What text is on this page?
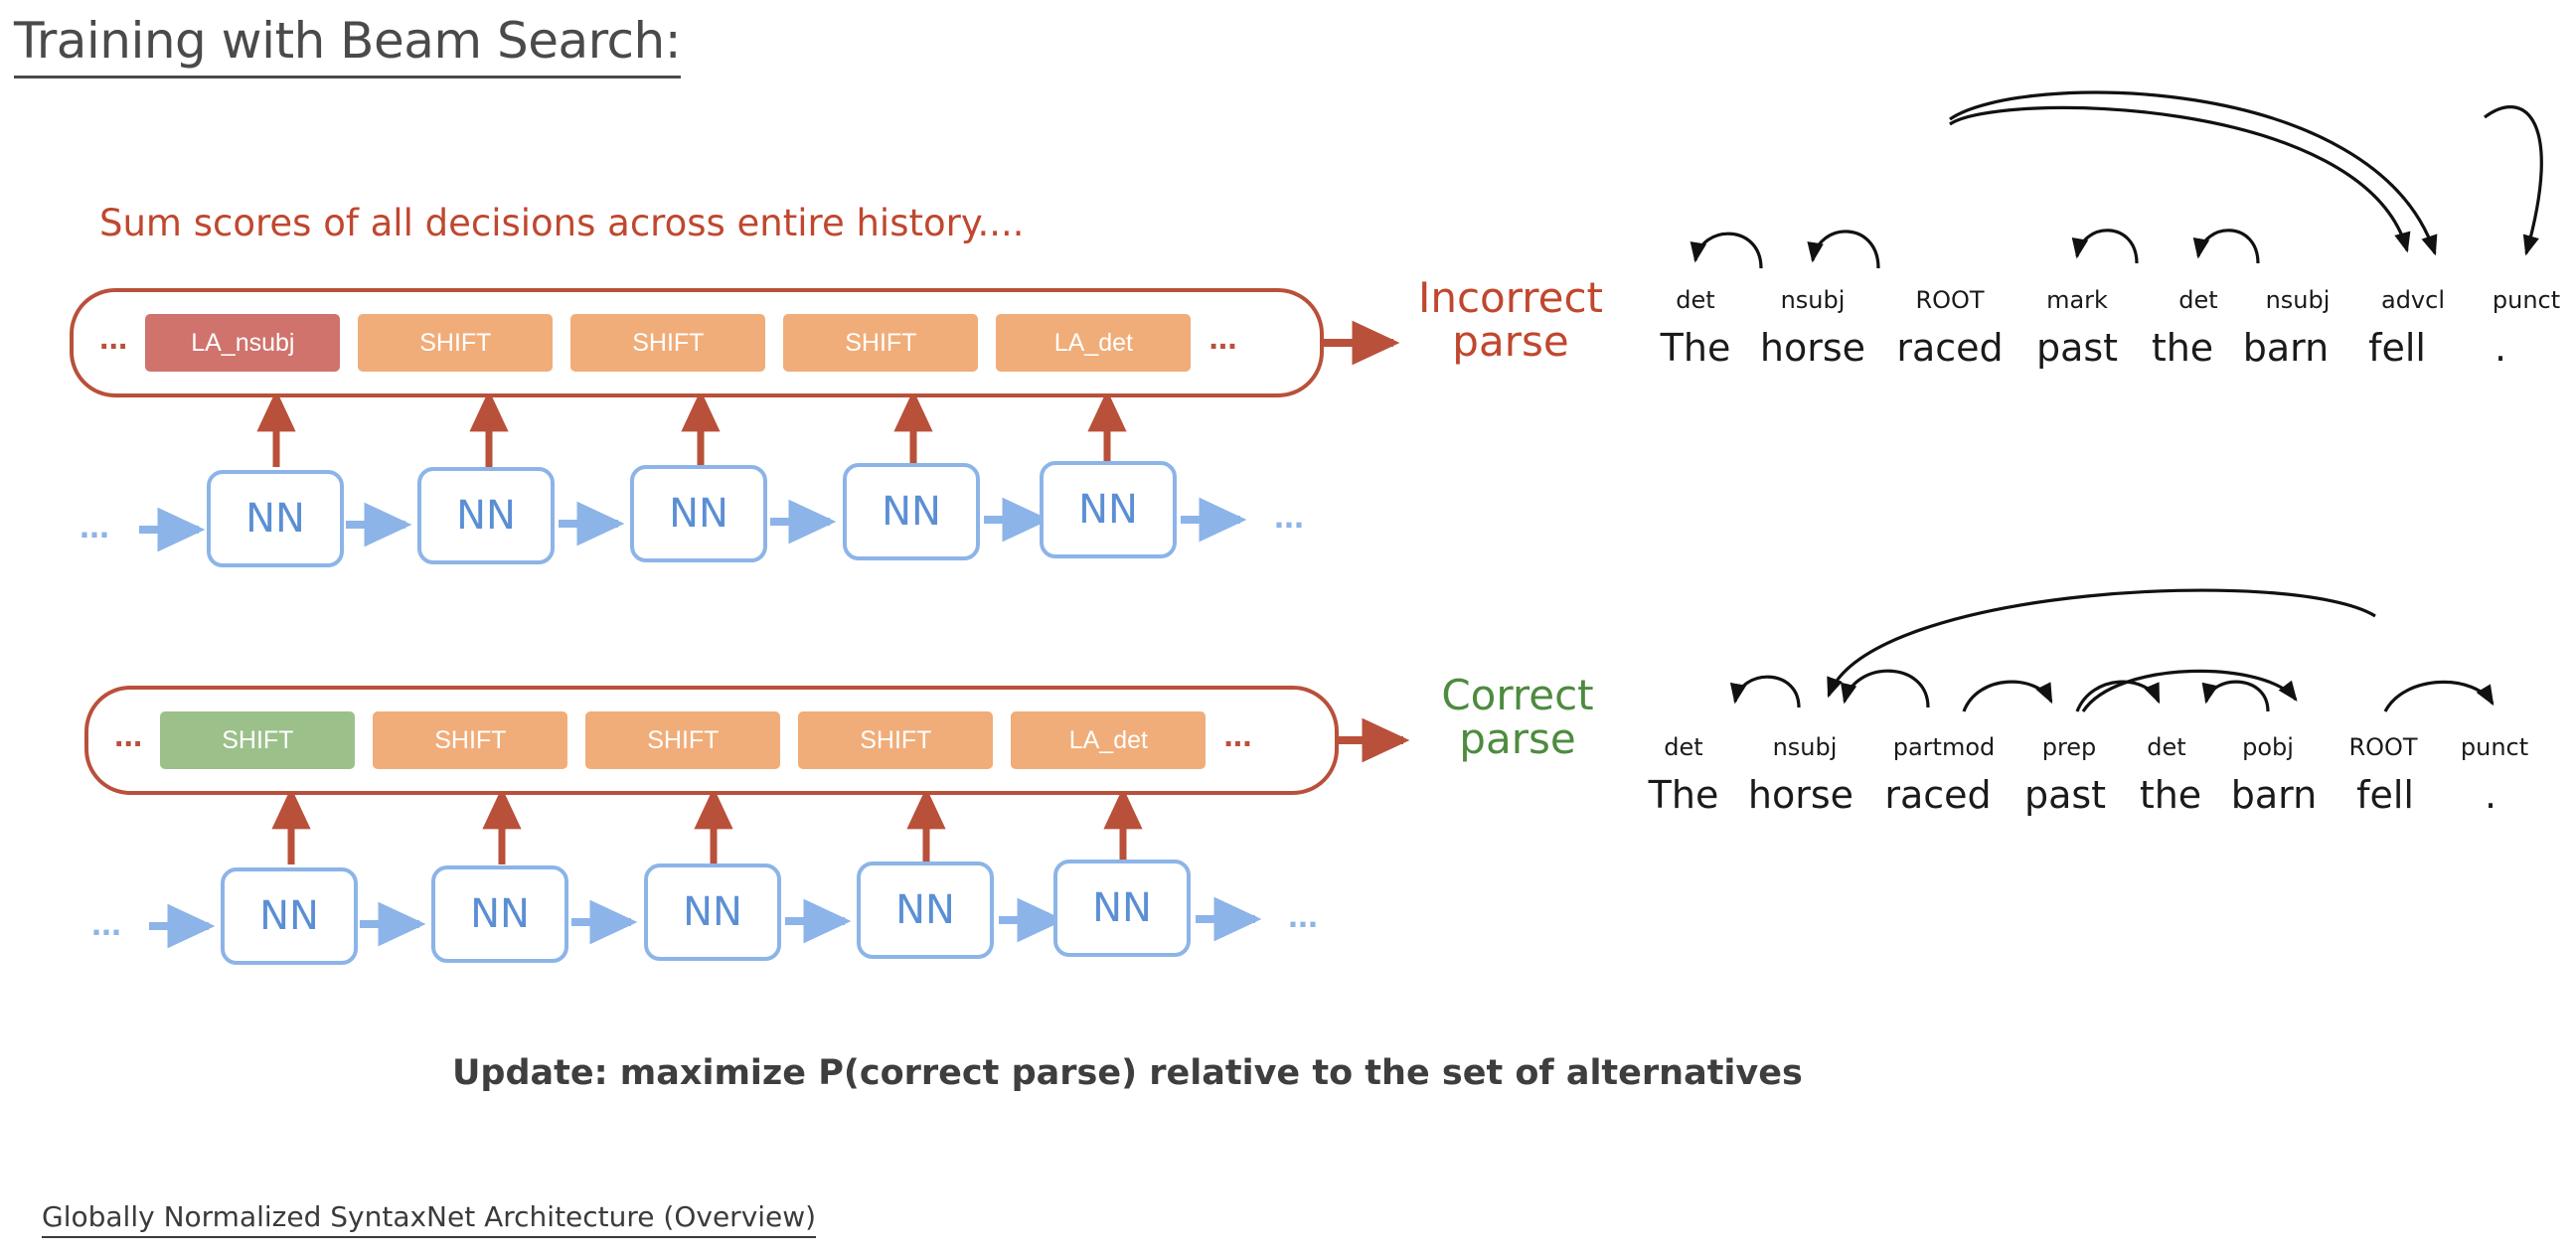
Training with Beam Search:
Sum scores of all decisions across entire history....
...	LA_nsubj	SHIFT	SHIFT	SHIFT	LA_det	...
Incorrect
parse
...	NN	NN	NN	NN	NN	...
...	SHIFT	SHIFT	SHIFT	SHIFT	LA_det	...
Correct
parse
...	NN	NN	NN	NN	NN	...
det	nsubj	ROOT	mark	det nsubj advcl punct
The horse raced past the barn fell .
det	nsubj partmod prep det pobj ROOT punct
The horse raced past the barn fell .
Update: maximize P(correct parse) relative to the set of alternatives
Globally Normalized SyntaxNet Architecture (Overview)
